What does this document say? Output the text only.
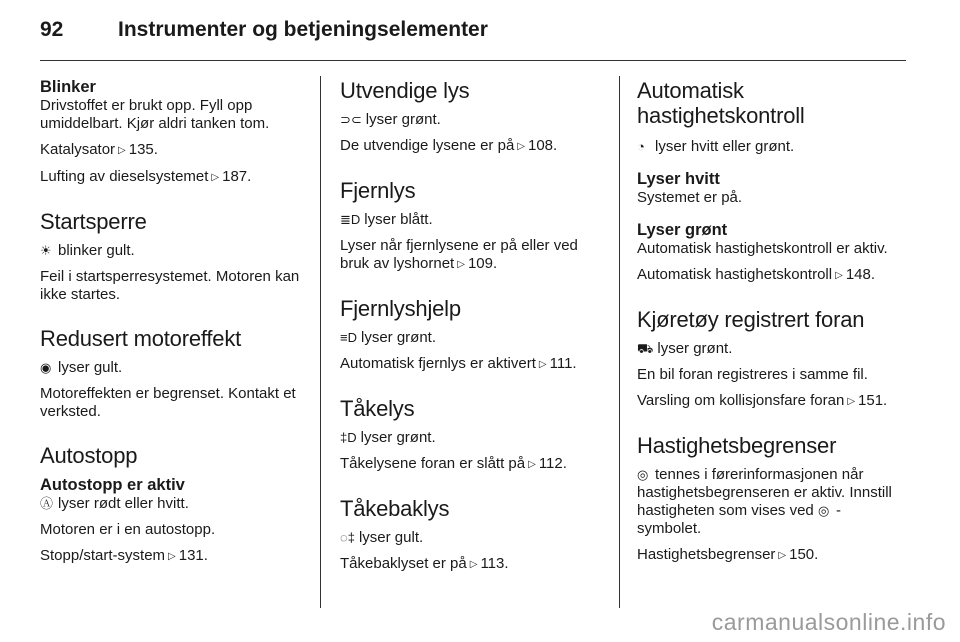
92	Instrumenter og betjeningselementer
Blinker

Drivstoffet er brukt opp. Fyll opp umiddelbart. Kjør aldri tanken tom.

Katalysator ▷ 135.

Lufting av dieselsystemet ▷ 187.

Startsperre

☀ blinker gult.

Feil i startsperresystemet. Motoren kan ikke startes.

Redusert motoreffekt

◉ lyser gult.

Motoreffekten er begrenset. Kontakt et verksted.

Autostopp
Autostopp er aktiv

Ⓐ lyser rødt eller hvitt.

Motoren er i en autostopp.

Stopp/start-system ▷ 131.

Utvendige lys

⊃⊂ lyser grønt.

De utvendige lysene er på ▷ 108.

Fjernlys

≣D lyser blått.

Lyser når fjernlysene er på eller ved bruk av lyshornet ▷ 109.

Fjernlyshjelp

≡D lyser grønt.

Automatisk fjernlys er aktivert ▷ 111.

Tåkelys

‡D lyser grønt.

Tåkelysene foran er slått på ▷ 112.

Tåkebaklys

◌‡ lyser gult.

Tåkebaklyset er på ▷ 113.

Automatisk
hastighetskontroll

◔ lyser hvitt eller grønt.

Lyser hvitt

Systemet er på.

Lyser grønt

Automatisk hastighetskontroll er aktiv.

Automatisk hastighetskontroll ▷ 148.

Kjøretøy registrert foran

⛟ lyser grønt.

En bil foran registreres i samme fil.

Varsling om kollisjonsfare foran ▷ 151.

Hastighetsbegrenser

◎ tennes i førerinformasjonen når hastighetsbegrenseren er aktiv. Innstill hastigheten som vises ved ◎ -symbolet.

Hastighetsbegrenser ▷ 150.

carmanualsonline.info
